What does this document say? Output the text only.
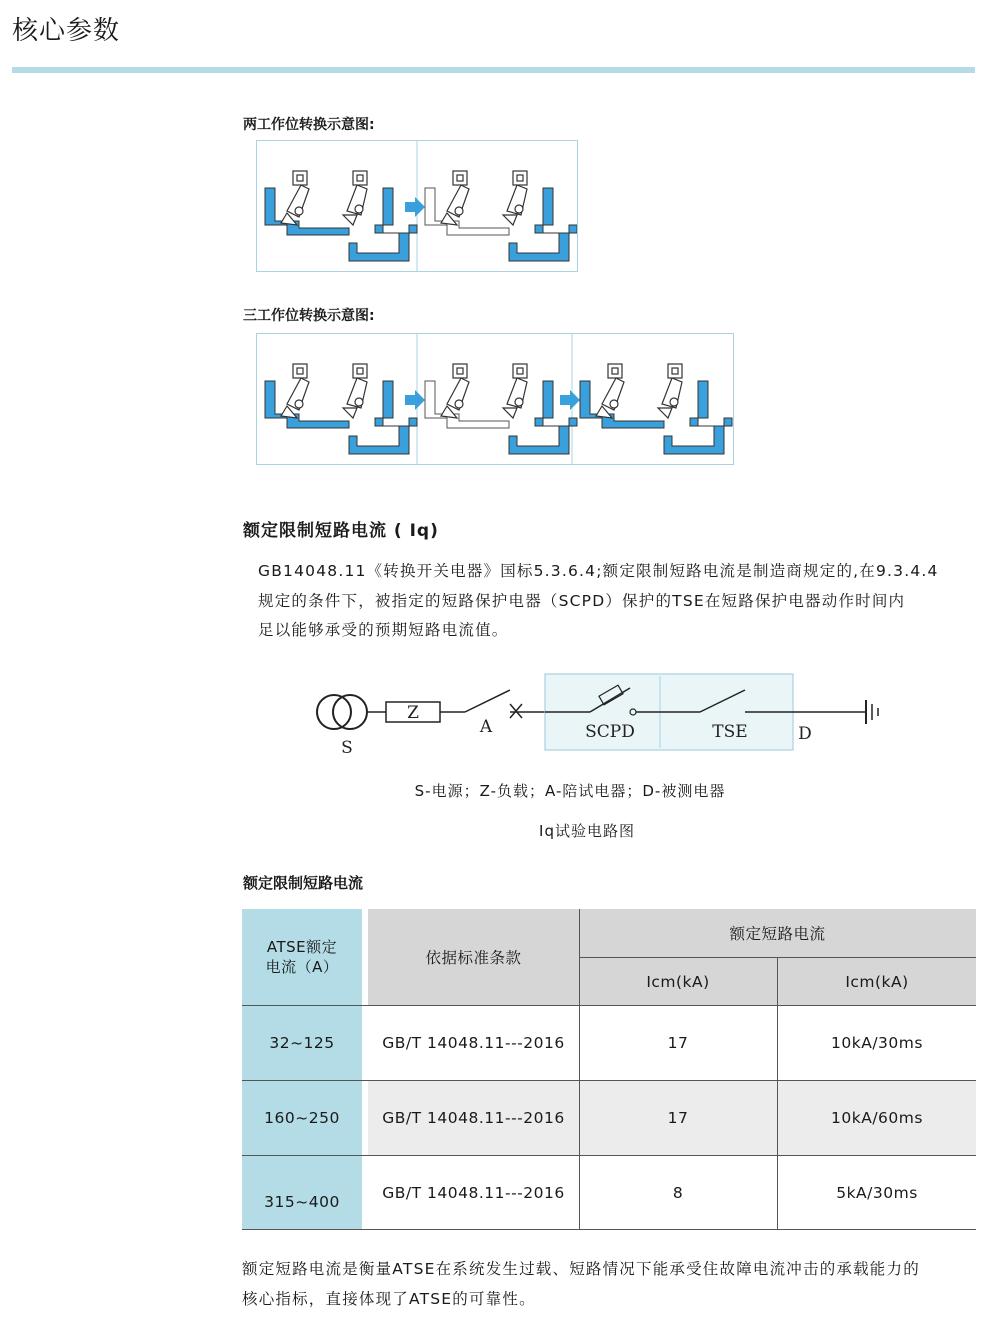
核心参数
两工作位转换示意图:
三工作位转换示意图:
额定限制短路电流 ( Iq)
GB14048.11《转换开关电器》国标5.3.6.4;额定限制短路电流是制造商规定的,在9.3.4.4
规定的条件下，被指定的短路保护电器（SCPD）保护的TSE在短路保护电器动作时间内
足以能够承受的预期短路电流值。
Z
A	SCPD	TSE	D
S
S-电源；Z-负载；A-陪试电器；D-被测电器
Iq试验电路图
额定限制短路电流
ATSE额定
电流（A）	依据标准条款
额定短路电流
Icm(kA)	Icm(kA)
32~125	GB/T 14048.11---2016	17	10kA/30ms
160~250	GB/T 14048.11---2016	17	10kA/60ms
315~400	GB/T 14048.11---2016	8	5kA/30ms
额定短路电流是衡量ATSE在系统发生过载、短路情况下能承受住故障电流冲击的承载能力的
核心指标，直接体现了ATSE的可靠性。
